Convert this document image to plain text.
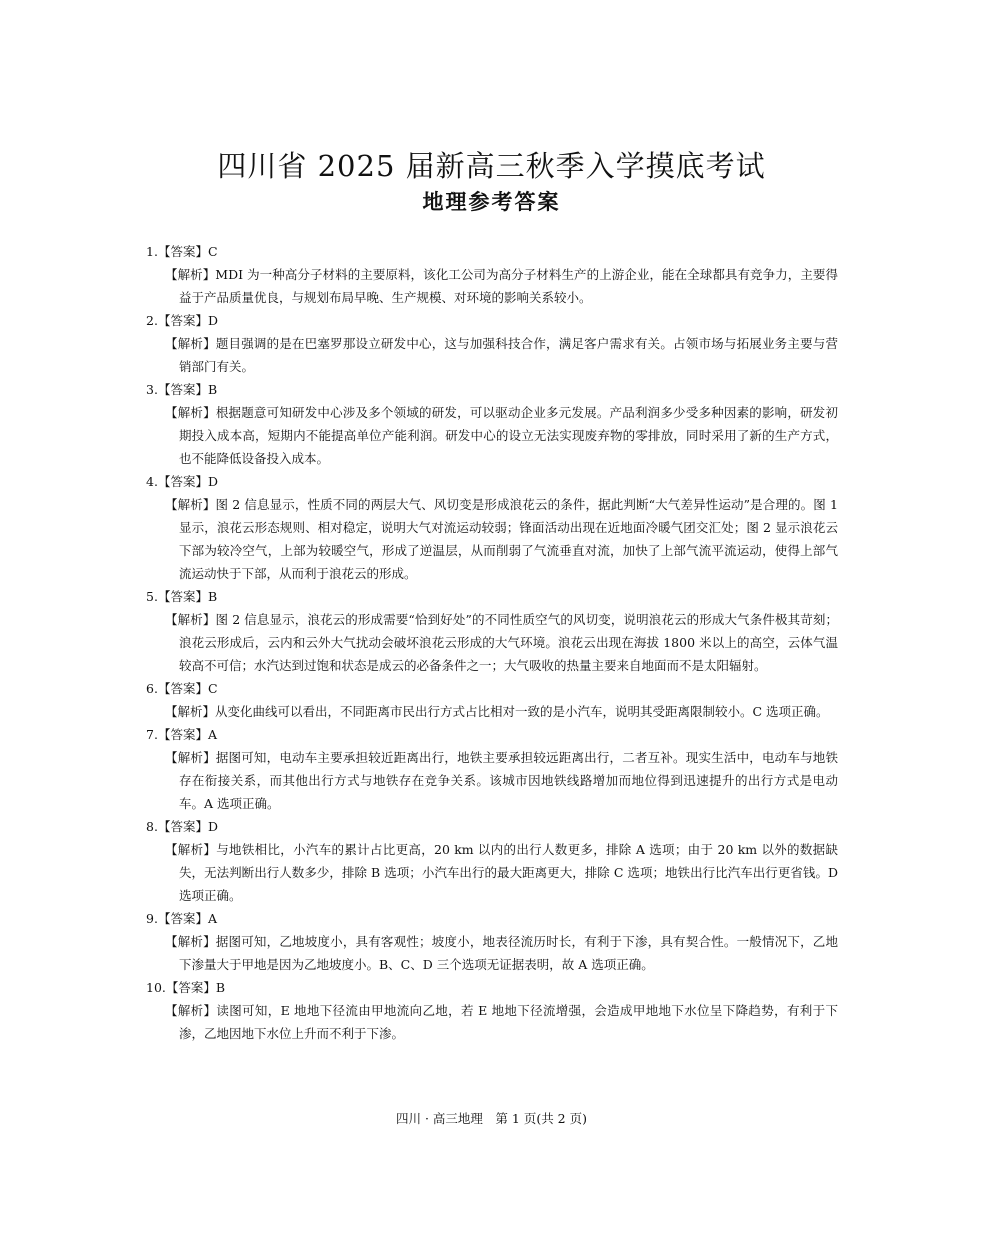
四川省 2025 届新高三秋季入学摸底考试
地理参考答案
1.【答案】C
【解析】MDI 为一种高分子材料的主要原料，该化工公司为高分子材料生产的上游企业，能在全球都具有竞争力，主要得益于产品质量优良，与规划布局早晚、生产规模、对环境的影响关系较小。
2.【答案】D
【解析】题目强调的是在巴塞罗那设立研发中心，这与加强科技合作，满足客户需求有关。占领市场与拓展业务主要与营销部门有关。
3.【答案】B
【解析】根据题意可知研发中心涉及多个领域的研发，可以驱动企业多元发展。产品利润多少受多种因素的影响，研发初期投入成本高，短期内不能提高单位产能利润。研发中心的设立无法实现废弃物的零排放，同时采用了新的生产方式，也不能降低设备投入成本。
4.【答案】D
【解析】图 2 信息显示，性质不同的两层大气、风切变是形成浪花云的条件，据此判断“大气差异性运动”是合理的。图 1 显示，浪花云形态规则、相对稳定，说明大气对流运动较弱；锋面活动出现在近地面冷暖气团交汇处；图 2 显示浪花云下部为较冷空气，上部为较暖空气，形成了逆温层，从而削弱了气流垂直对流，加快了上部气流平流运动，使得上部气流运动快于下部，从而利于浪花云的形成。
5.【答案】B
【解析】图 2 信息显示，浪花云的形成需要“恰到好处”的不同性质空气的风切变，说明浪花云的形成大气条件极其苛刻；浪花云形成后，云内和云外大气扰动会破坏浪花云形成的大气环境。浪花云出现在海拔 1800 米以上的高空，云体气温较高不可信；水汽达到过饱和状态是成云的必备条件之一；大气吸收的热量主要来自地面而不是太阳辐射。
6.【答案】C
【解析】从变化曲线可以看出，不同距离市民出行方式占比相对一致的是小汽车，说明其受距离限制较小。C 选项正确。
7.【答案】A
【解析】据图可知，电动车主要承担较近距离出行，地铁主要承担较远距离出行，二者互补。现实生活中，电动车与地铁存在衔接关系，而其他出行方式与地铁存在竞争关系。该城市因地铁线路增加而地位得到迅速提升的出行方式是电动车。A 选项正确。
8.【答案】D
【解析】与地铁相比，小汽车的累计占比更高，20 km 以内的出行人数更多，排除 A 选项；由于 20 km 以外的数据缺失，无法判断出行人数多少，排除 B 选项；小汽车出行的最大距离更大，排除 C 选项；地铁出行比汽车出行更省钱。D 选项正确。
9.【答案】A
【解析】据图可知，乙地坡度小，具有客观性；坡度小，地表径流历时长，有利于下渗，具有契合性。一般情况下，乙地下渗量大于甲地是因为乙地坡度小。B、C、D 三个选项无证据表明，故 A 选项正确。
10.【答案】B
【解析】读图可知，E 地地下径流由甲地流向乙地，若 E 地地下径流增强，会造成甲地地下水位呈下降趋势，有利于下渗，乙地因地下水位上升而不利于下渗。
四川 · 高三地理　第 1 页(共 2 页)
